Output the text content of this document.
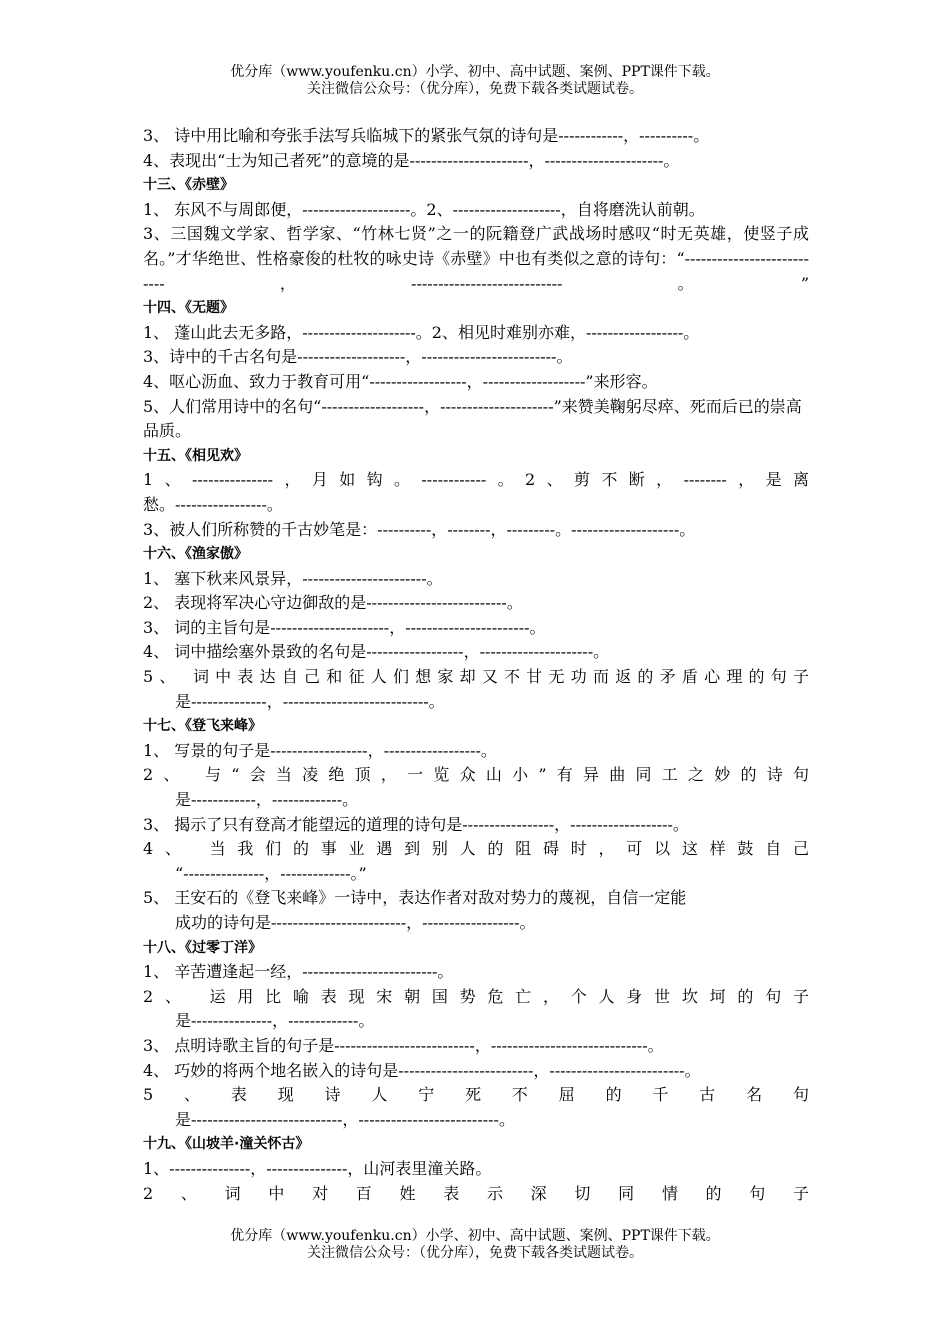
优分库（www.youfenku.cn）小学、初中、高中试题、案例、PPT课件下载。
关注微信公众号：（优分库），免费下载各类试题试卷。
3、 诗中用比喻和夸张手法写兵临城下的紧张气氛的诗句是------------，----------。
4、表现出“士为知己者死”的意境的是----------------------，----------------------。
十三、《赤壁》
1、 东风不与周郎便，--------------------。2、--------------------，自将磨洗认前朝。
3、三国魏文学家、哲学家、“竹林七贤”之一的阮籍登广武战场时感叹“时无英雄，使竖子成名。”才华绝世、性格豪俊的杜牧的咏史诗《赤壁》中也有类似之意的诗句：“---------------------------，----------------------------。”
十四、《无题》
1、 蓬山此去无多路，---------------------。2、相见时难别亦难，------------------。
3、诗中的千古名句是--------------------，-------------------------。
4、呕心沥血、致力于教育可用“------------------，-------------------”来形容。
5、人们常用诗中的名句“-------------------，---------------------”来赞美鞠躬尽瘁、死而后已的崇高品质。
十五、《相见欢》
1、---------------，月如钩。------------。2、剪不断，--------，是离
愁。-----------------。
3、被人们所称赞的千古妙笔是：----------，--------，---------。--------------------。
十六、《渔家傲》
1、 塞下秋来风景异，-----------------------。
2、 表现将军决心守边御敌的是--------------------------。
3、 词的主旨句是----------------------，-----------------------。
4、 词中描绘塞外景致的名句是------------------，---------------------。
5、 词中表达自己和征人们想家却又不甘无功而返的矛盾心理的句子
是--------------，---------------------------。
十七、《登飞来峰》
1、 写景的句子是------------------，------------------。
2、 与“会当凌绝顶，一览众山小”有异曲同工之妙的诗句
是------------，-------------。
3、 揭示了只有登高才能望远的道理的诗句是-----------------，-------------------。
4、 当我们的事业遇到别人的阻碍时，可以这样鼓自己
“---------------，-------------。”
5、 王安石的《登飞来峰》一诗中，表达作者对敌对势力的蔑视，自信一定能
成功的诗句是-------------------------，------------------。
十八、《过零丁洋》
1、 辛苦遭逢起一经，-------------------------。
2、 运用比喻表现宋朝国势危亡，个人身世坎坷的句子
是---------------，-------------。
3、 点明诗歌主旨的句子是--------------------------，-----------------------------。
4、 巧妙的将两个地名嵌入的诗句是-------------------------，-------------------------。
5、表现诗人宁死不屈的千古名句
是----------------------------，--------------------------。
十九、《山坡羊·潼关怀古》
1、---------------，---------------，山河表里潼关路。
2、词中对百姓表示深切同情的句子
优分库（www.youfenku.cn）小学、初中、高中试题、案例、PPT课件下载。
关注微信公众号：（优分库），免费下载各类试题试卷。
